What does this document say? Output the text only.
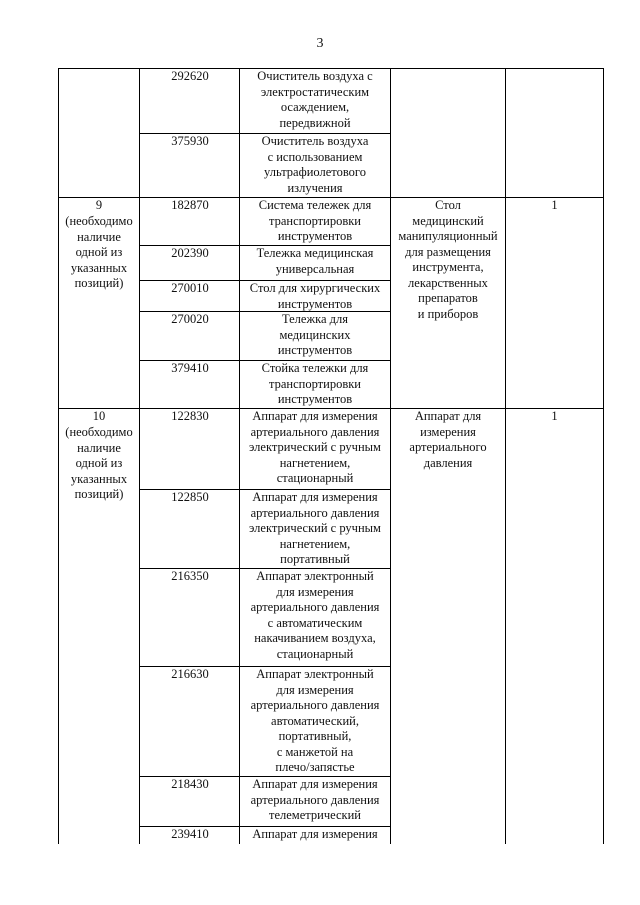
3
292620
375930
182870
202390
270010
270020
379410
122830
122850
216350
216630
218430
239410
Очиститель воздуха с
электростатическим
осаждением,
передвижной
Очиститель воздуха
с использованием
ультрафиолетового
излучения
Система тележек для
транспортировки
инструментов
Тележка медицинская
универсальная
Стол для хирургических
инструментов
Тележка для
медицинских
инструментов
Стойка тележки для
транспортировки
инструментов
Аппарат для измерения
артериального давления
электрический с ручным
нагнетением,
стационарный
Аппарат для измерения
артериального давления
электрический с ручным
нагнетением,
портативный
Аппарат электронный
для измерения
артериального давления
с автоматическим
накачиванием воздуха,
стационарный
Аппарат электронный
для измерения
артериального давления
автоматический,
портативный,
с манжетой на
плечо/запястье
Аппарат для измерения
артериального давления
телеметрический
Аппарат для измерения
9
(необходимо
наличие
одной из
указанных
позиций)
Стол
медицинский
манипуляционный
для размещения
инструмента,
лекарственных
препаратов
и приборов
1
10
(необходимо
наличие
одной из
указанных
позиций)
Аппарат для
измерения
артериального
давления
1
